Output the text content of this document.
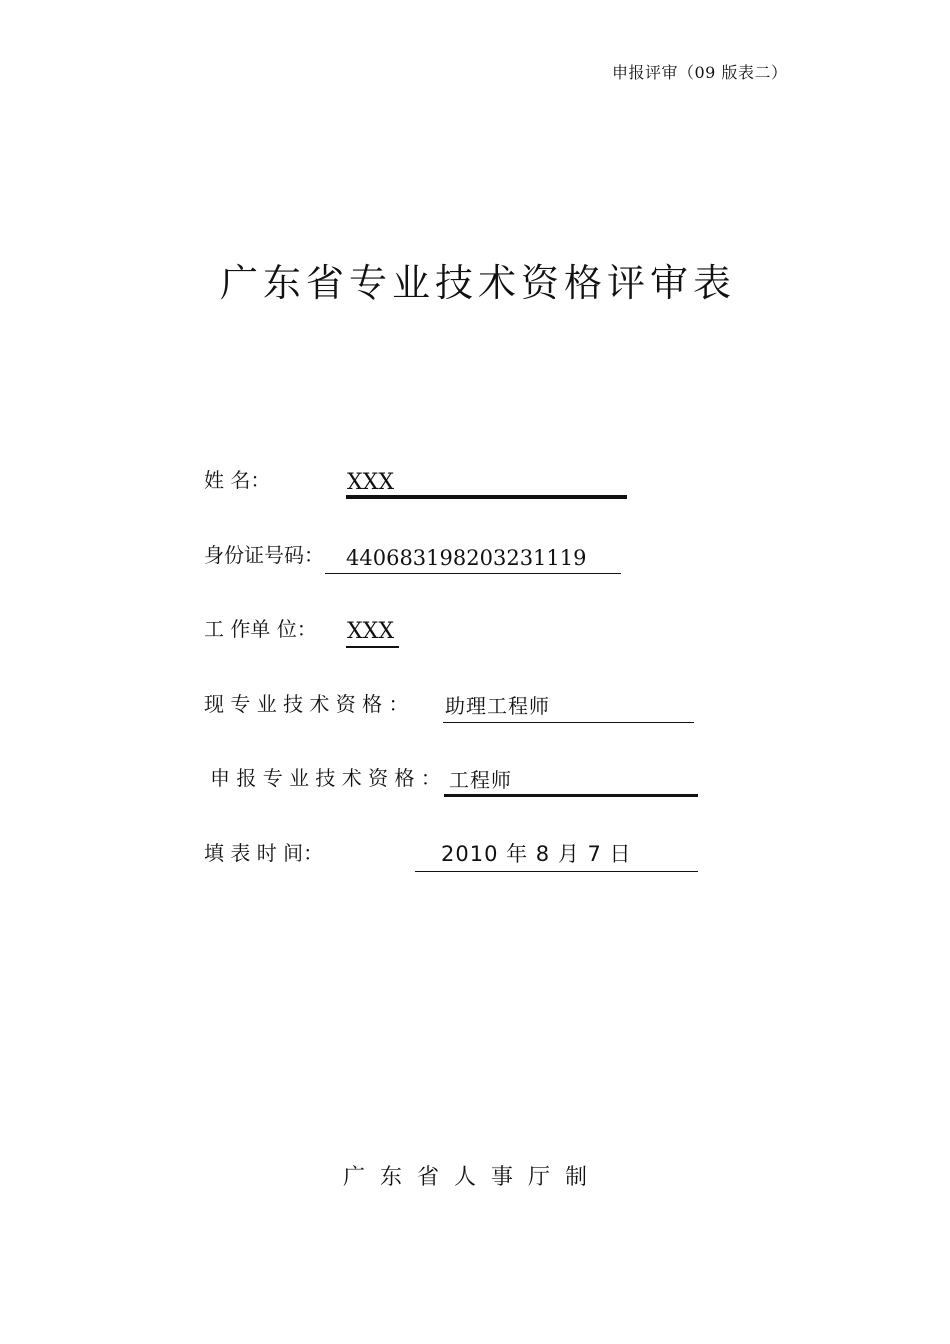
申报评审（09 版表二）
广东省专业技术资格评审表
姓 名：	XXX
身份证号码： 440683198203231119
工 作单 位： XXX
现 专 业 技 术 资 格 ： 助理工程师
申 报 专 业 技 术 资 格 ： 工程师
填 表 时 间：	2010 年 8 月 7 日
广东省人事厅制
